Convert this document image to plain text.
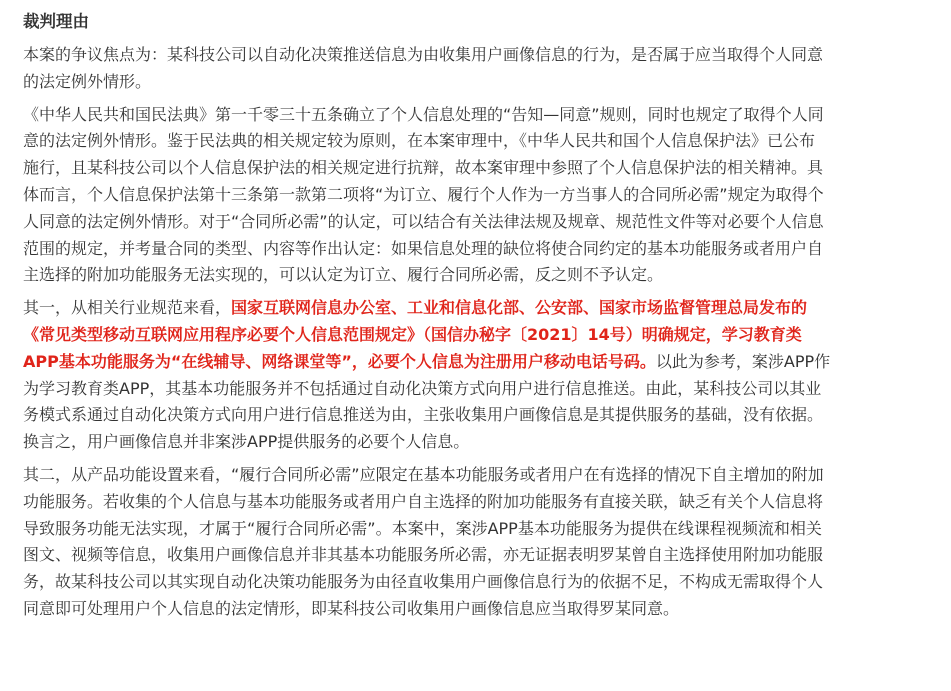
裁判理由
本案的争议焦点为：某科技公司以自动化决策推送信息为由收集用户画像信息的行为，是否属于应当取得个人同意
的法定例外情形。
《中华人民共和国民法典》第一千零三十五条确立了个人信息处理的“告知—同意”规则，同时也规定了取得个人同
意的法定例外情形。鉴于民法典的相关规定较为原则，在本案审理中，《中华人民共和国个人信息保护法》已公布
施行，且某科技公司以个人信息保护法的相关规定进行抗辩，故本案审理中参照了个人信息保护法的相关精神。具
体而言，个人信息保护法第十三条第一款第二项将“为订立、履行个人作为一方当事人的合同所必需”规定为取得个
人同意的法定例外情形。对于“合同所必需”的认定，可以结合有关法律法规及规章、规范性文件等对必要个人信息
范围的规定，并考量合同的类型、内容等作出认定：如果信息处理的缺位将使合同约定的基本功能服务或者用户自
主选择的附加功能服务无法实现的，可以认定为订立、履行合同所必需，反之则不予认定。
其一，从相关行业规范来看，国家互联网信息办公室、工业和信息化部、公安部、国家市场监督管理总局发布的
《常见类型移动互联网应用程序必要个人信息范围规定》（国信办秘字〔2021〕14号）明确规定，学习教育类
APP基本功能服务为“在线辅导、网络课堂等”，必要个人信息为注册用户移动电话号码。以此为参考，案涉APP作
为学习教育类APP，其基本功能服务并不包括通过自动化决策方式向用户进行信息推送。由此，某科技公司以其业
务模式系通过自动化决策方式向用户进行信息推送为由，主张收集用户画像信息是其提供服务的基础，没有依据。
换言之，用户画像信息并非案涉APP提供服务的必要个人信息。
其二，从产品功能设置来看，“履行合同所必需”应限定在基本功能服务或者用户在有选择的情况下自主增加的附加
功能服务。若收集的个人信息与基本功能服务或者用户自主选择的附加功能服务有直接关联，缺乏有关个人信息将
导致服务功能无法实现，才属于“履行合同所必需”。本案中，案涉APP基本功能服务为提供在线课程视频流和相关
图文、视频等信息，收集用户画像信息并非其基本功能服务所必需，亦无证据表明罗某曾自主选择使用附加功能服
务，故某科技公司以其实现自动化决策功能服务为由径直收集用户画像信息行为的依据不足，不构成无需取得个人
同意即可处理用户个人信息的法定情形，即某科技公司收集用户画像信息应当取得罗某同意。
